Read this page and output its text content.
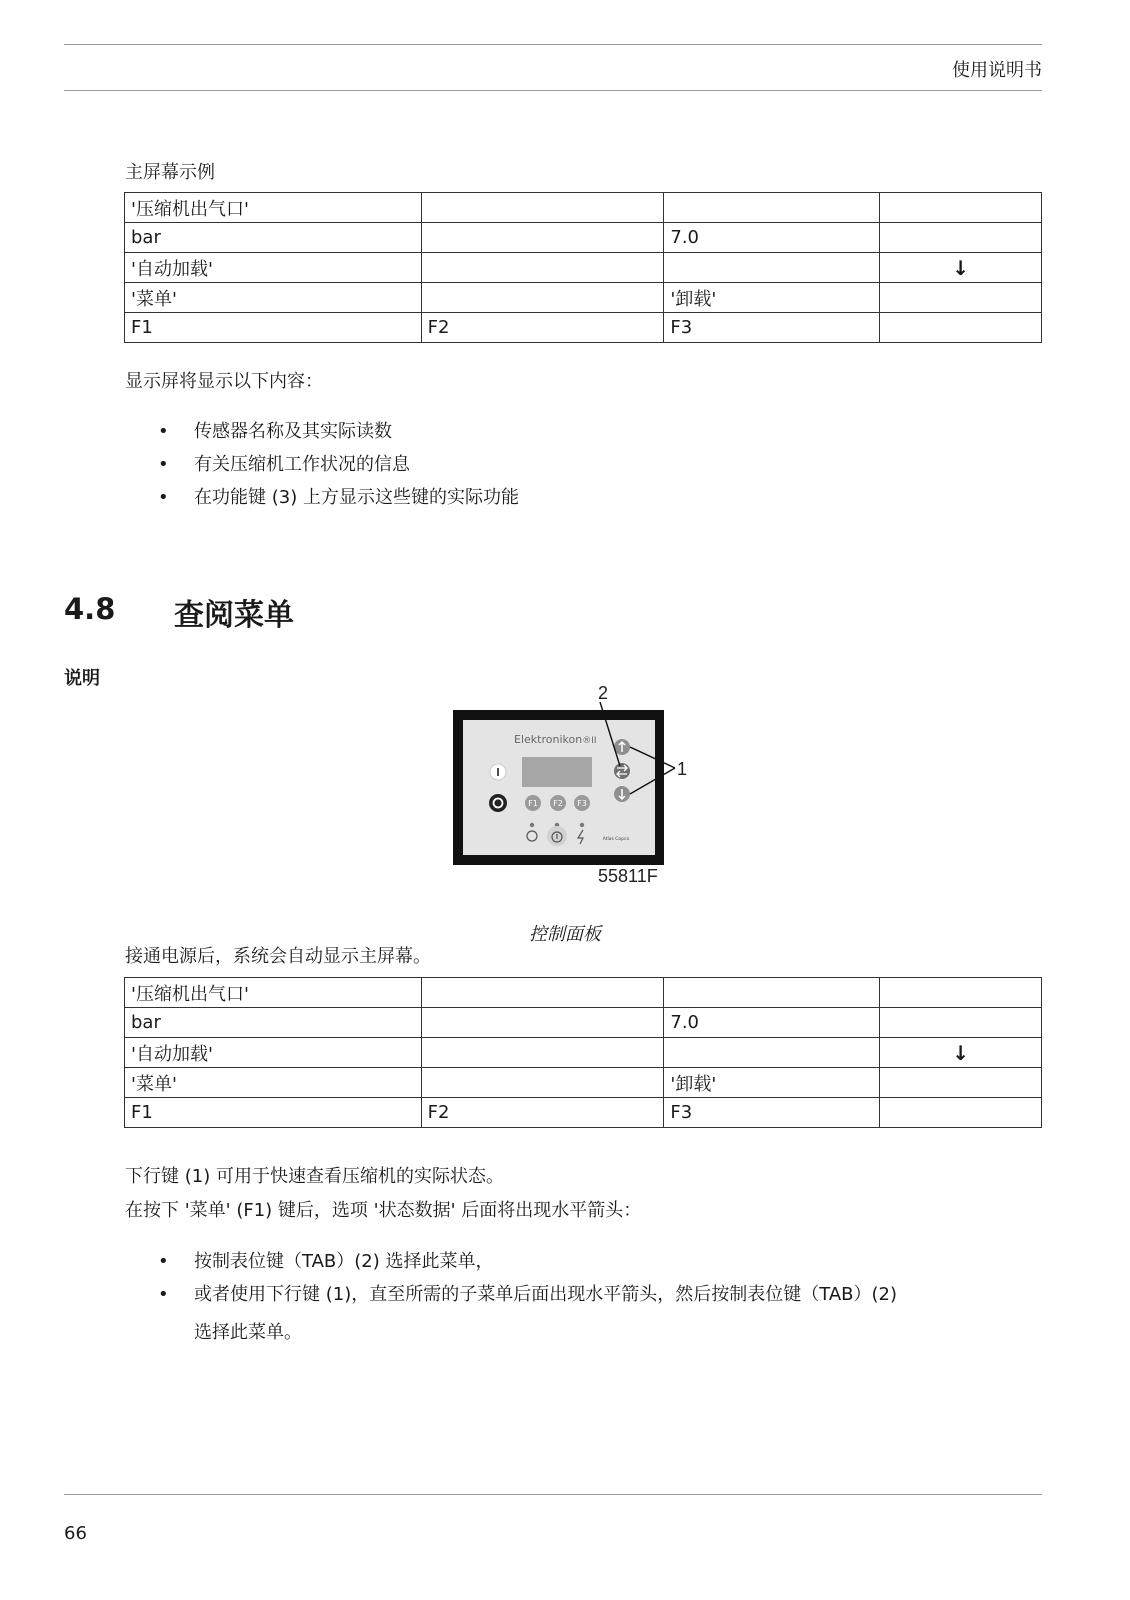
使用说明书
主屏幕示例
'压缩机出气口'			
bar		7.0	
'自动加载'			↓
'菜单'		'卸载'	
F1	F2	F3	
显示屏将显示以下内容：
• 传感器名称及其实际读数
• 有关压缩机工作状况的信息
• 在功能键 (3) 上方显示这些键的实际功能
4.8 查阅菜单
说明
2
Elektronikon®II
F1 F2 F3
1
Atlas Copco
55811F
控制面板
接通电源后，系统会自动显示主屏幕。
'压缩机出气口'			
bar		7.0	
'自动加载'			↓
'菜单'		'卸载'	
F1	F2	F3	
下行键 (1) 可用于快速查看压缩机的实际状态。
在按下 '菜单' (F1) 键后，选项 '状态数据' 后面将出现水平箭头：
• 按制表位键（TAB）(2) 选择此菜单，
• 或者使用下行键 (1)，直至所需的子菜单后面出现水平箭头，然后按制表位键（TAB）(2)
选择此菜单。
66
